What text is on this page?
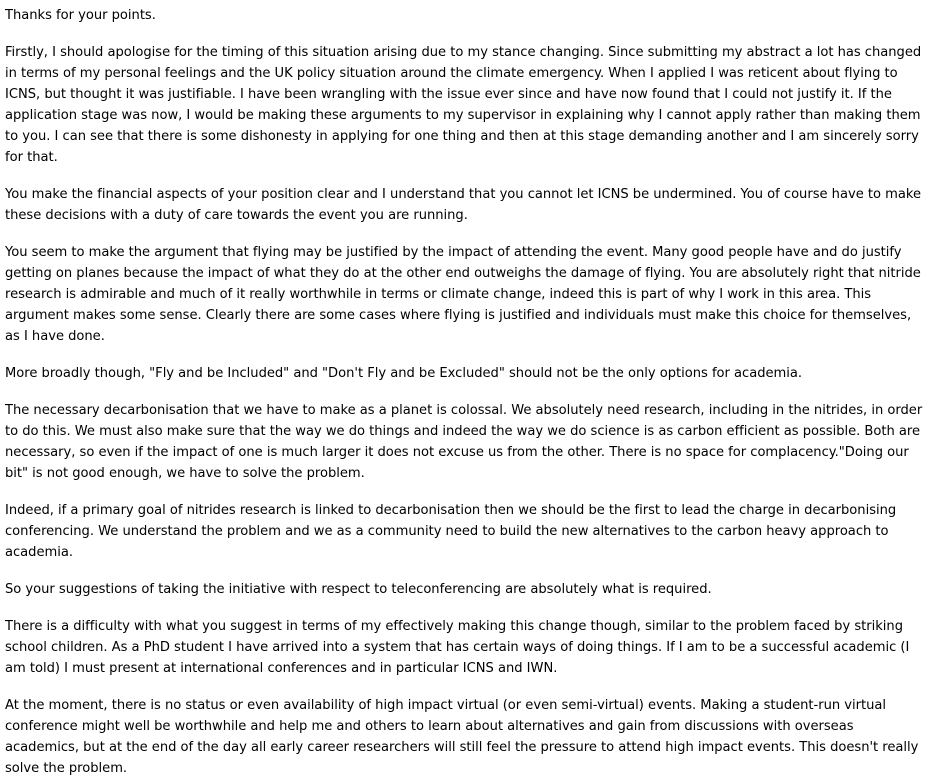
Thanks for your points.

Firstly, I should apologise for the timing of this situation arising due to my stance changing. Since submitting my abstract a lot has changed in terms of my personal feelings and the UK policy situation around the climate emergency. When I applied I was reticent about flying to ICNS, but thought it was justifiable. I have been wrangling with the issue ever since and have now found that I could not justify it. If the application stage was now, I would be making these arguments to my supervisor in explaining why I cannot apply rather than making them to you. I can see that there is some dishonesty in applying for one thing and then at this stage demanding another and I am sincerely sorry for that.

You make the financial aspects of your position clear and I understand that you cannot let ICNS be undermined. You of course have to make these decisions with a duty of care towards the event you are running.

You seem to make the argument that flying may be justified by the impact of attending the event. Many good people have and do justify getting on planes because the impact of what they do at the other end outweighs the damage of flying. You are absolutely right that nitride research is admirable and much of it really worthwhile in terms or climate change, indeed this is part of why I work in this area. This argument makes some sense. Clearly there are some cases where flying is justified and individuals must make this choice for themselves, as I have done.

More broadly though, "Fly and be Included" and "Don't Fly and be Excluded" should not be the only options for academia.

The necessary decarbonisation that we have to make as a planet is colossal. We absolutely need research, including in the nitrides, in order to do this. We must also make sure that the way we do things and indeed the way we do science is as carbon efficient as possible. Both are necessary, so even if the impact of one is much larger it does not excuse us from the other. There is no space for complacency."Doing our bit" is not good enough, we have to solve the problem.

Indeed, if a primary goal of nitrides research is linked to decarbonisation then we should be the first to lead the charge in decarbonising conferencing. We understand the problem and we as a community need to build the new alternatives to the carbon heavy approach to academia.

So your suggestions of taking the initiative with respect to teleconferencing are absolutely what is required.

There is a difficulty with what you suggest in terms of my effectively making this change though, similar to the problem faced by striking school children. As a PhD student I have arrived into a system that has certain ways of doing things. If I am to be a successful academic (I am told) I must present at international conferences and in particular ICNS and IWN.

At the moment, there is no status or even availability of high impact virtual (or even semi-virtual) events. Making a student-run virtual conference might well be worthwhile and help me and others to learn about alternatives and gain from discussions with overseas academics, but at the end of the day all early career researchers will still feel the pressure to attend high impact events. This doesn't really solve the problem.
